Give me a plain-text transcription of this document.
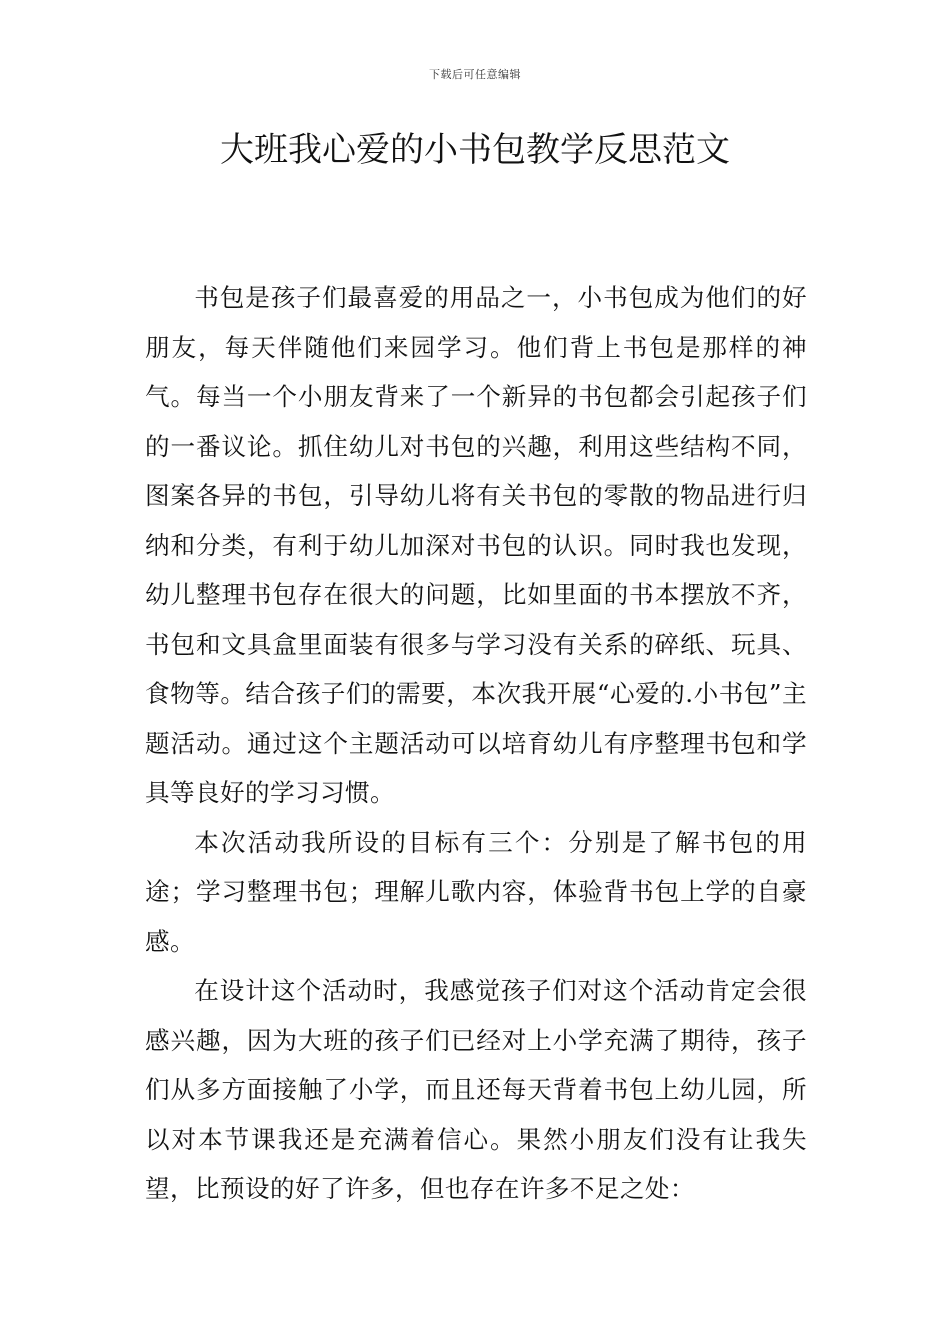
下载后可任意编辑
大班我心爱的小书包教学反思范文

书包是孩子们最喜爱的用品之一，小书包成为他们的好朋友，每天伴随他们来园学习。他们背上书包是那样的神气。每当一个小朋友背来了一个新异的书包都会引起孩子们的一番议论。抓住幼儿对书包的兴趣，利用这些结构不同，图案各异的书包，引导幼儿将有关书包的零散的物品进行归纳和分类，有利于幼儿加深对书包的认识。同时我也发现，幼儿整理书包存在很大的问题，比如里面的书本摆放不齐，书包和文具盒里面装有很多与学习没有关系的碎纸、玩具、食物等。结合孩子们的需要，本次我开展“心爱的.小书包”主题活动。通过这个主题活动可以培育幼儿有序整理书包和学具等良好的学习习惯。

本次活动我所设的目标有三个：分别是了解书包的用途；学习整理书包；理解儿歌内容，体验背书包上学的自豪感。

在设计这个活动时，我感觉孩子们对这个活动肯定会很感兴趣，因为大班的孩子们已经对上小学充满了期待，孩子们从多方面接触了小学，而且还每天背着书包上幼儿园，所以对本节课我还是充满着信心。果然小朋友们没有让我失望，比预设的好了许多，但也存在许多不足之处：
